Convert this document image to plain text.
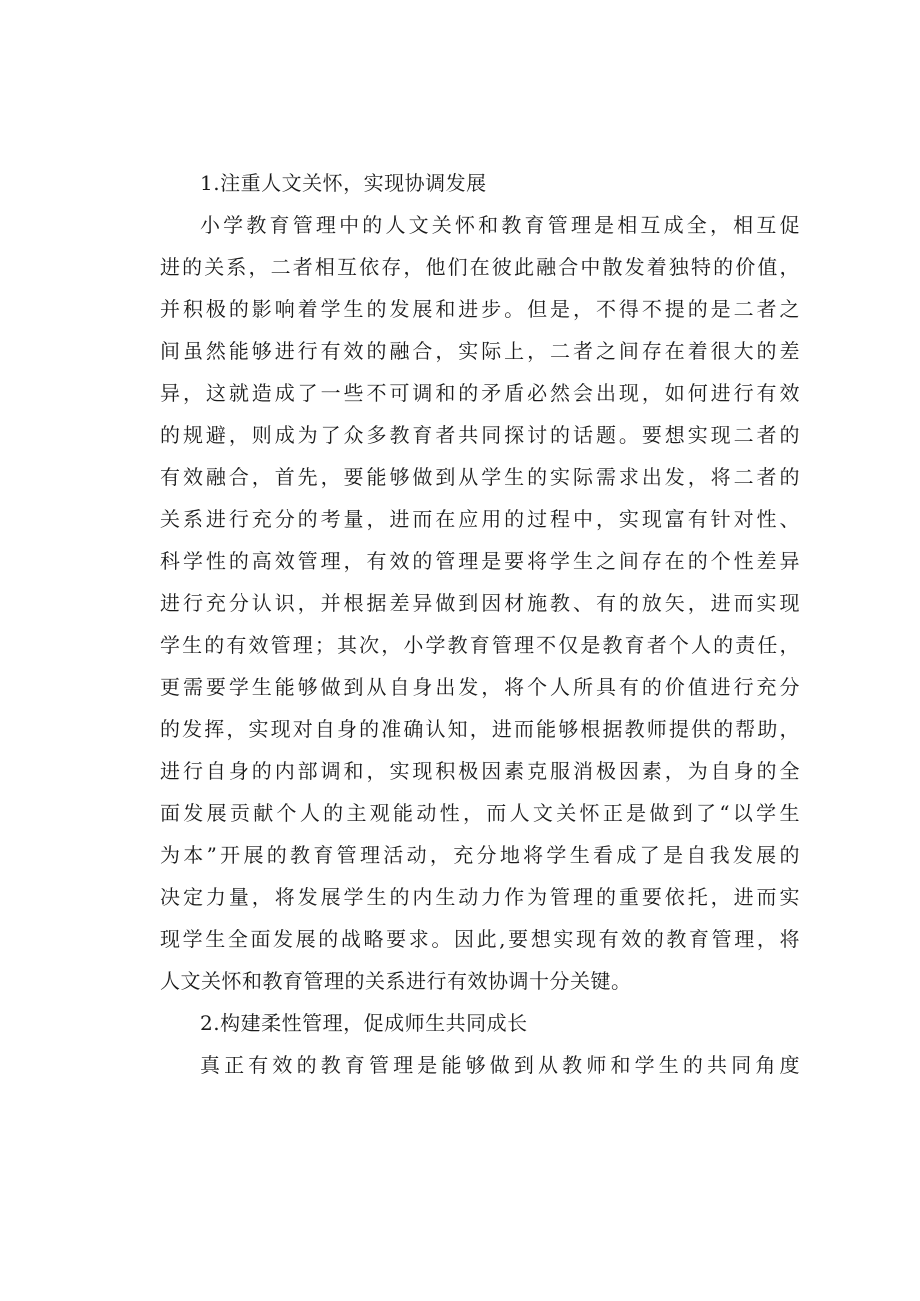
1.注重人文关怀，实现协调发展
小学教育管理中的人文关怀和教育管理是相互成全，相互促
进的关系，二者相互依存，他们在彼此融合中散发着独特的价值，
并积极的影响着学生的发展和进步。但是，不得不提的是二者之
间虽然能够进行有效的融合，实际上，二者之间存在着很大的差
异，这就造成了一些不可调和的矛盾必然会出现，如何进行有效
的规避，则成为了众多教育者共同探讨的话题。要想实现二者的
有效融合，首先，要能够做到从学生的实际需求出发，将二者的
关系进行充分的考量，进而在应用的过程中，实现富有针对性、
科学性的高效管理，有效的管理是要将学生之间存在的个性差异
进行充分认识，并根据差异做到因材施教、有的放矢，进而实现
学生的有效管理；其次，小学教育管理不仅是教育者个人的责任，
更需要学生能够做到从自身出发，将个人所具有的价值进行充分
的发挥，实现对自身的准确认知，进而能够根据教师提供的帮助，
进行自身的内部调和，实现积极因素克服消极因素，为自身的全
面发展贡献个人的主观能动性，而人文关怀正是做到了“以学生
为本”开展的教育管理活动，充分地将学生看成了是自我发展的
决定力量，将发展学生的内生动力作为管理的重要依托，进而实
现学生全面发展的战略要求。因此,要想实现有效的教育管理，将
人文关怀和教育管理的关系进行有效协调十分关键。
2.构建柔性管理，促成师生共同成长
真正有效的教育管理是能够做到从教师和学生的共同角度
